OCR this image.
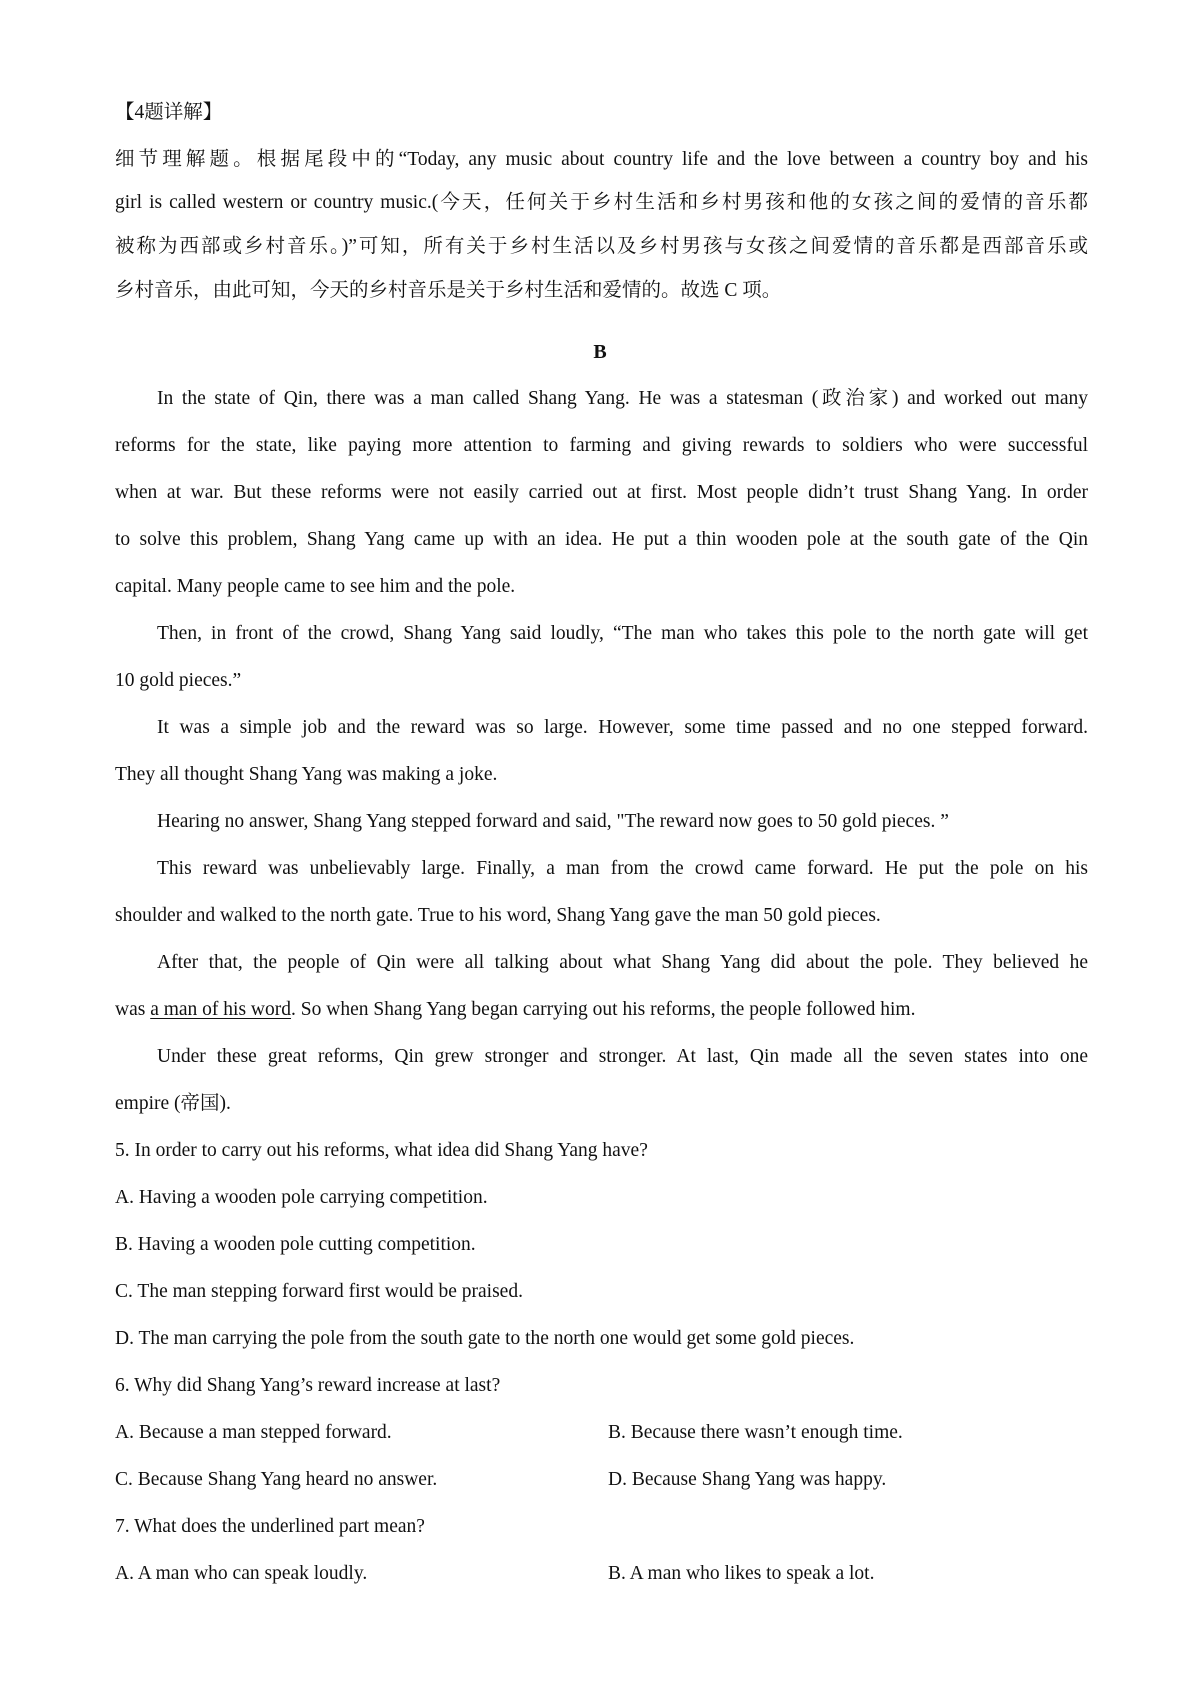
【4题详解】
细节理解题。根据尾段中的“Today, any music about country life and the love between a country boy and his
girl is called western or country music.(今天，任何关于乡村生活和乡村男孩和他的女孩之间的爱情的音乐都
被称为西部或乡村音乐。)”可知，所有关于乡村生活以及乡村男孩与女孩之间爱情的音乐都是西部音乐或
乡村音乐，由此可知，今天的乡村音乐是关于乡村生活和爱情的。故选 C 项。
B
In the state of Qin, there was a man called Shang Yang. He was a statesman (政治家) and worked out many
reforms for the state, like paying more attention to farming and giving rewards to soldiers who were successful
when at war. But these reforms were not easily carried out at first. Most people didn’t trust Shang Yang. In order
to solve this problem, Shang Yang came up with an idea. He put a thin wooden pole at the south gate of the Qin
capital. Many people came to see him and the pole.
Then, in front of the crowd, Shang Yang said loudly, “The man who takes this pole to the north gate will get
10 gold pieces.”
It was a simple job and the reward was so large. However, some time passed and no one stepped forward.
They all thought Shang Yang was making a joke.
Hearing no answer, Shang Yang stepped forward and said, "The reward now goes to 50 gold pieces. ”
This reward was unbelievably large. Finally, a man from the crowd came forward. He put the pole on his
shoulder and walked to the north gate. True to his word, Shang Yang gave the man 50 gold pieces.
After that, the people of Qin were all talking about what Shang Yang did about the pole. They believed he
was a man of his word. So when Shang Yang began carrying out his reforms, the people followed him.
Under these great reforms, Qin grew stronger and stronger. At last, Qin made all the seven states into one
empire (帝国).
5. In order to carry out his reforms, what idea did Shang Yang have?
A. Having a wooden pole carrying competition.
B. Having a wooden pole cutting competition.
C. The man stepping forward first would be praised.
D. The man carrying the pole from the south gate to the north one would get some gold pieces.
6. Why did Shang Yang’s reward increase at last?
A. Because a man stepped forward.	B. Because there wasn’t enough time.
C. Because Shang Yang heard no answer.	D. Because Shang Yang was happy.
7. What does the underlined part mean?
A. A man who can speak loudly.	B. A man who likes to speak a lot.
